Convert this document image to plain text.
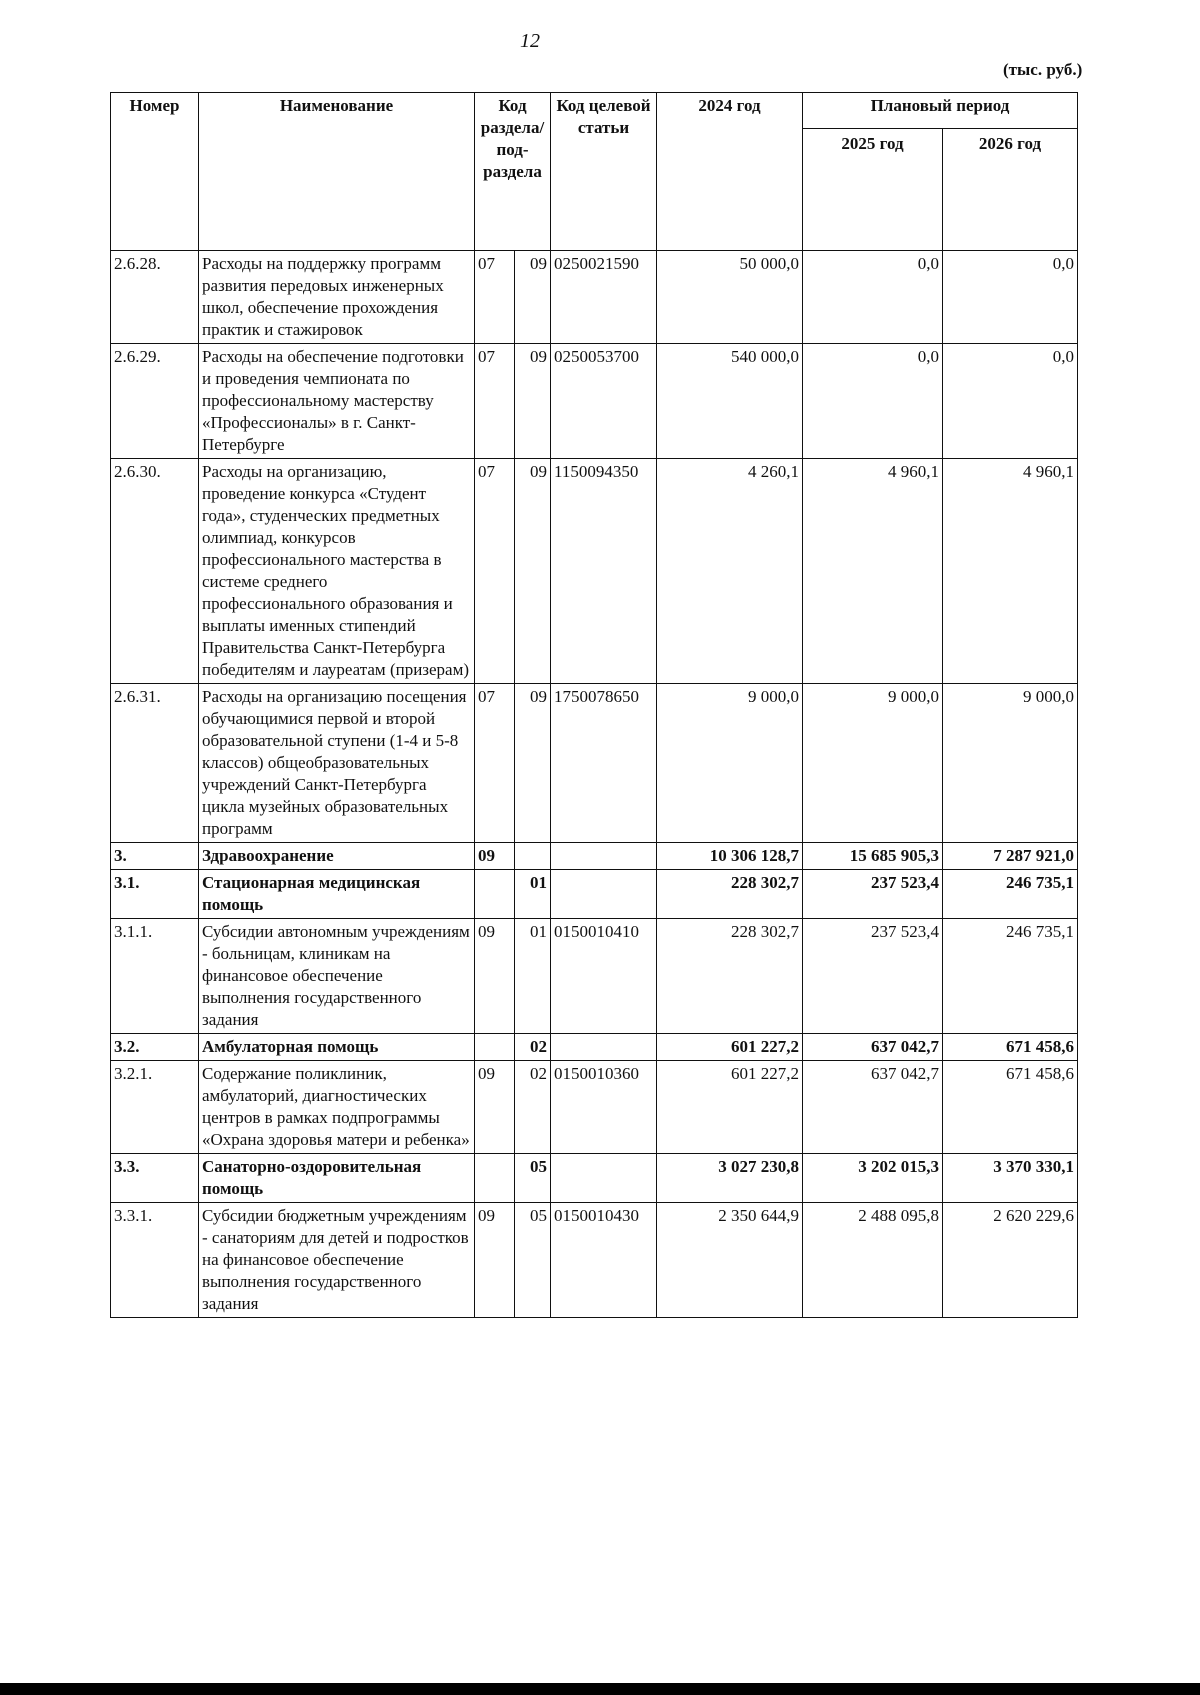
12
(тыс. руб.)
Номер	Наименование	Код раздела/ под-раздела		Код целевой статьи	2024 год	Плановый период	
						2025 год	2026 год
2.6.28.	Расходы на поддержку программ развития передовых инженерных школ, обеспечение прохождения практик и стажировок	07	09	0250021590	50 000,0	0,0	0,0
2.6.29.	Расходы на обеспечение подготовки и проведения чемпионата по профессиональному мастерству «Профессионалы» в г. Санкт-Петербурге	07	09	0250053700	540 000,0	0,0	0,0
2.6.30.	Расходы на организацию, проведение конкурса «Студент года», студенческих предметных олимпиад, конкурсов профессионального мастерства в системе среднего профессионального образования и выплаты именных стипендий Правительства Санкт-Петербурга победителям и лауреатам (призерам)	07	09	1150094350	4 260,1	4 960,1	4 960,1
2.6.31.	Расходы на организацию посещения обучающимися первой и второй образовательной ступени (1-4 и 5-8 классов) общеобразовательных учреждений Санкт-Петербурга цикла музейных образовательных программ	07	09	1750078650	9 000,0	9 000,0	9 000,0
3.	Здравоохранение	09			10 306 128,7	15 685 905,3	7 287 921,0
3.1.	Стационарная медицинская помощь		01		228 302,7	237 523,4	246 735,1
3.1.1.	Субсидии автономным учреждениям - больницам, клиникам на финансовое обеспечение выполнения государственного задания	09	01	0150010410	228 302,7	237 523,4	246 735,1
3.2.	Амбулаторная помощь		02		601 227,2	637 042,7	671 458,6
3.2.1.	Содержание поликлиник, амбулаторий, диагностических центров в рамках подпрограммы «Охрана здоровья матери и ребенка»	09	02	0150010360	601 227,2	637 042,7	671 458,6
3.3.	Санаторно-оздоровительная помощь		05		3 027 230,8	3 202 015,3	3 370 330,1
3.3.1.	Субсидии бюджетным учреждениям - санаториям для детей и подростков на финансовое обеспечение выполнения государственного задания	09	05	0150010430	2 350 644,9	2 488 095,8	2 620 229,6
